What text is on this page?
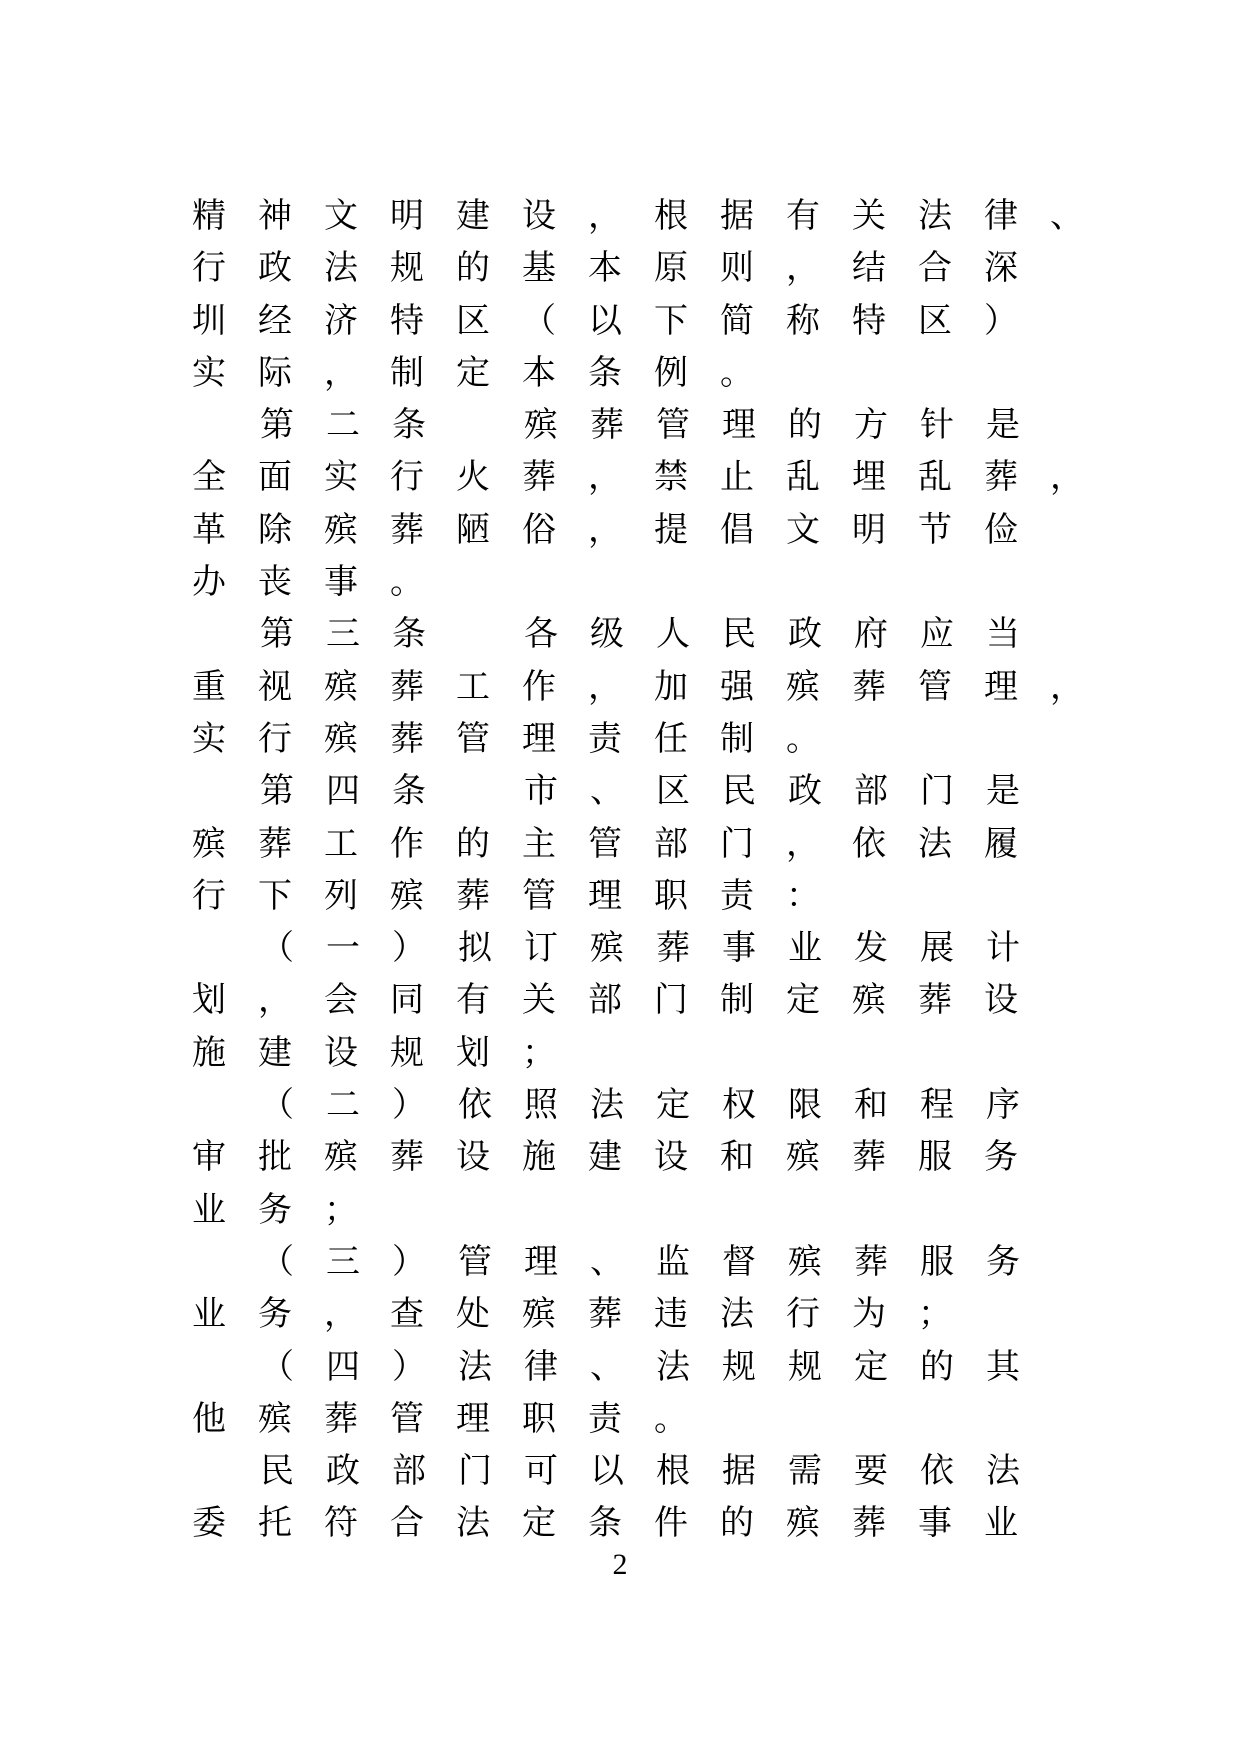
精神文明建设，根据有关法律、
行政法规的基本原则，结合深
圳经济特区（以下简称特区）
实际，制定本条例。
第二条　殡葬管理的方针是
全面实行火葬，禁止乱埋乱葬，
革除殡葬陋俗，提倡文明节俭
办丧事。
第三条　各级人民政府应当
重视殡葬工作，加强殡葬管理，
实行殡葬管理责任制。
第四条　市、区民政部门是
殡葬工作的主管部门，依法履
行下列殡葬管理职责：
（一）拟订殡葬事业发展计
划，会同有关部门制定殡葬设
施建设规划；
（二）依照法定权限和程序
审批殡葬设施建设和殡葬服务
业务；
（三）管理、监督殡葬服务
业务，查处殡葬违法行为；
（四）法律、法规规定的其
他殡葬管理职责。
民政部门可以根据需要依法
委托符合法定条件的殡葬事业
2
